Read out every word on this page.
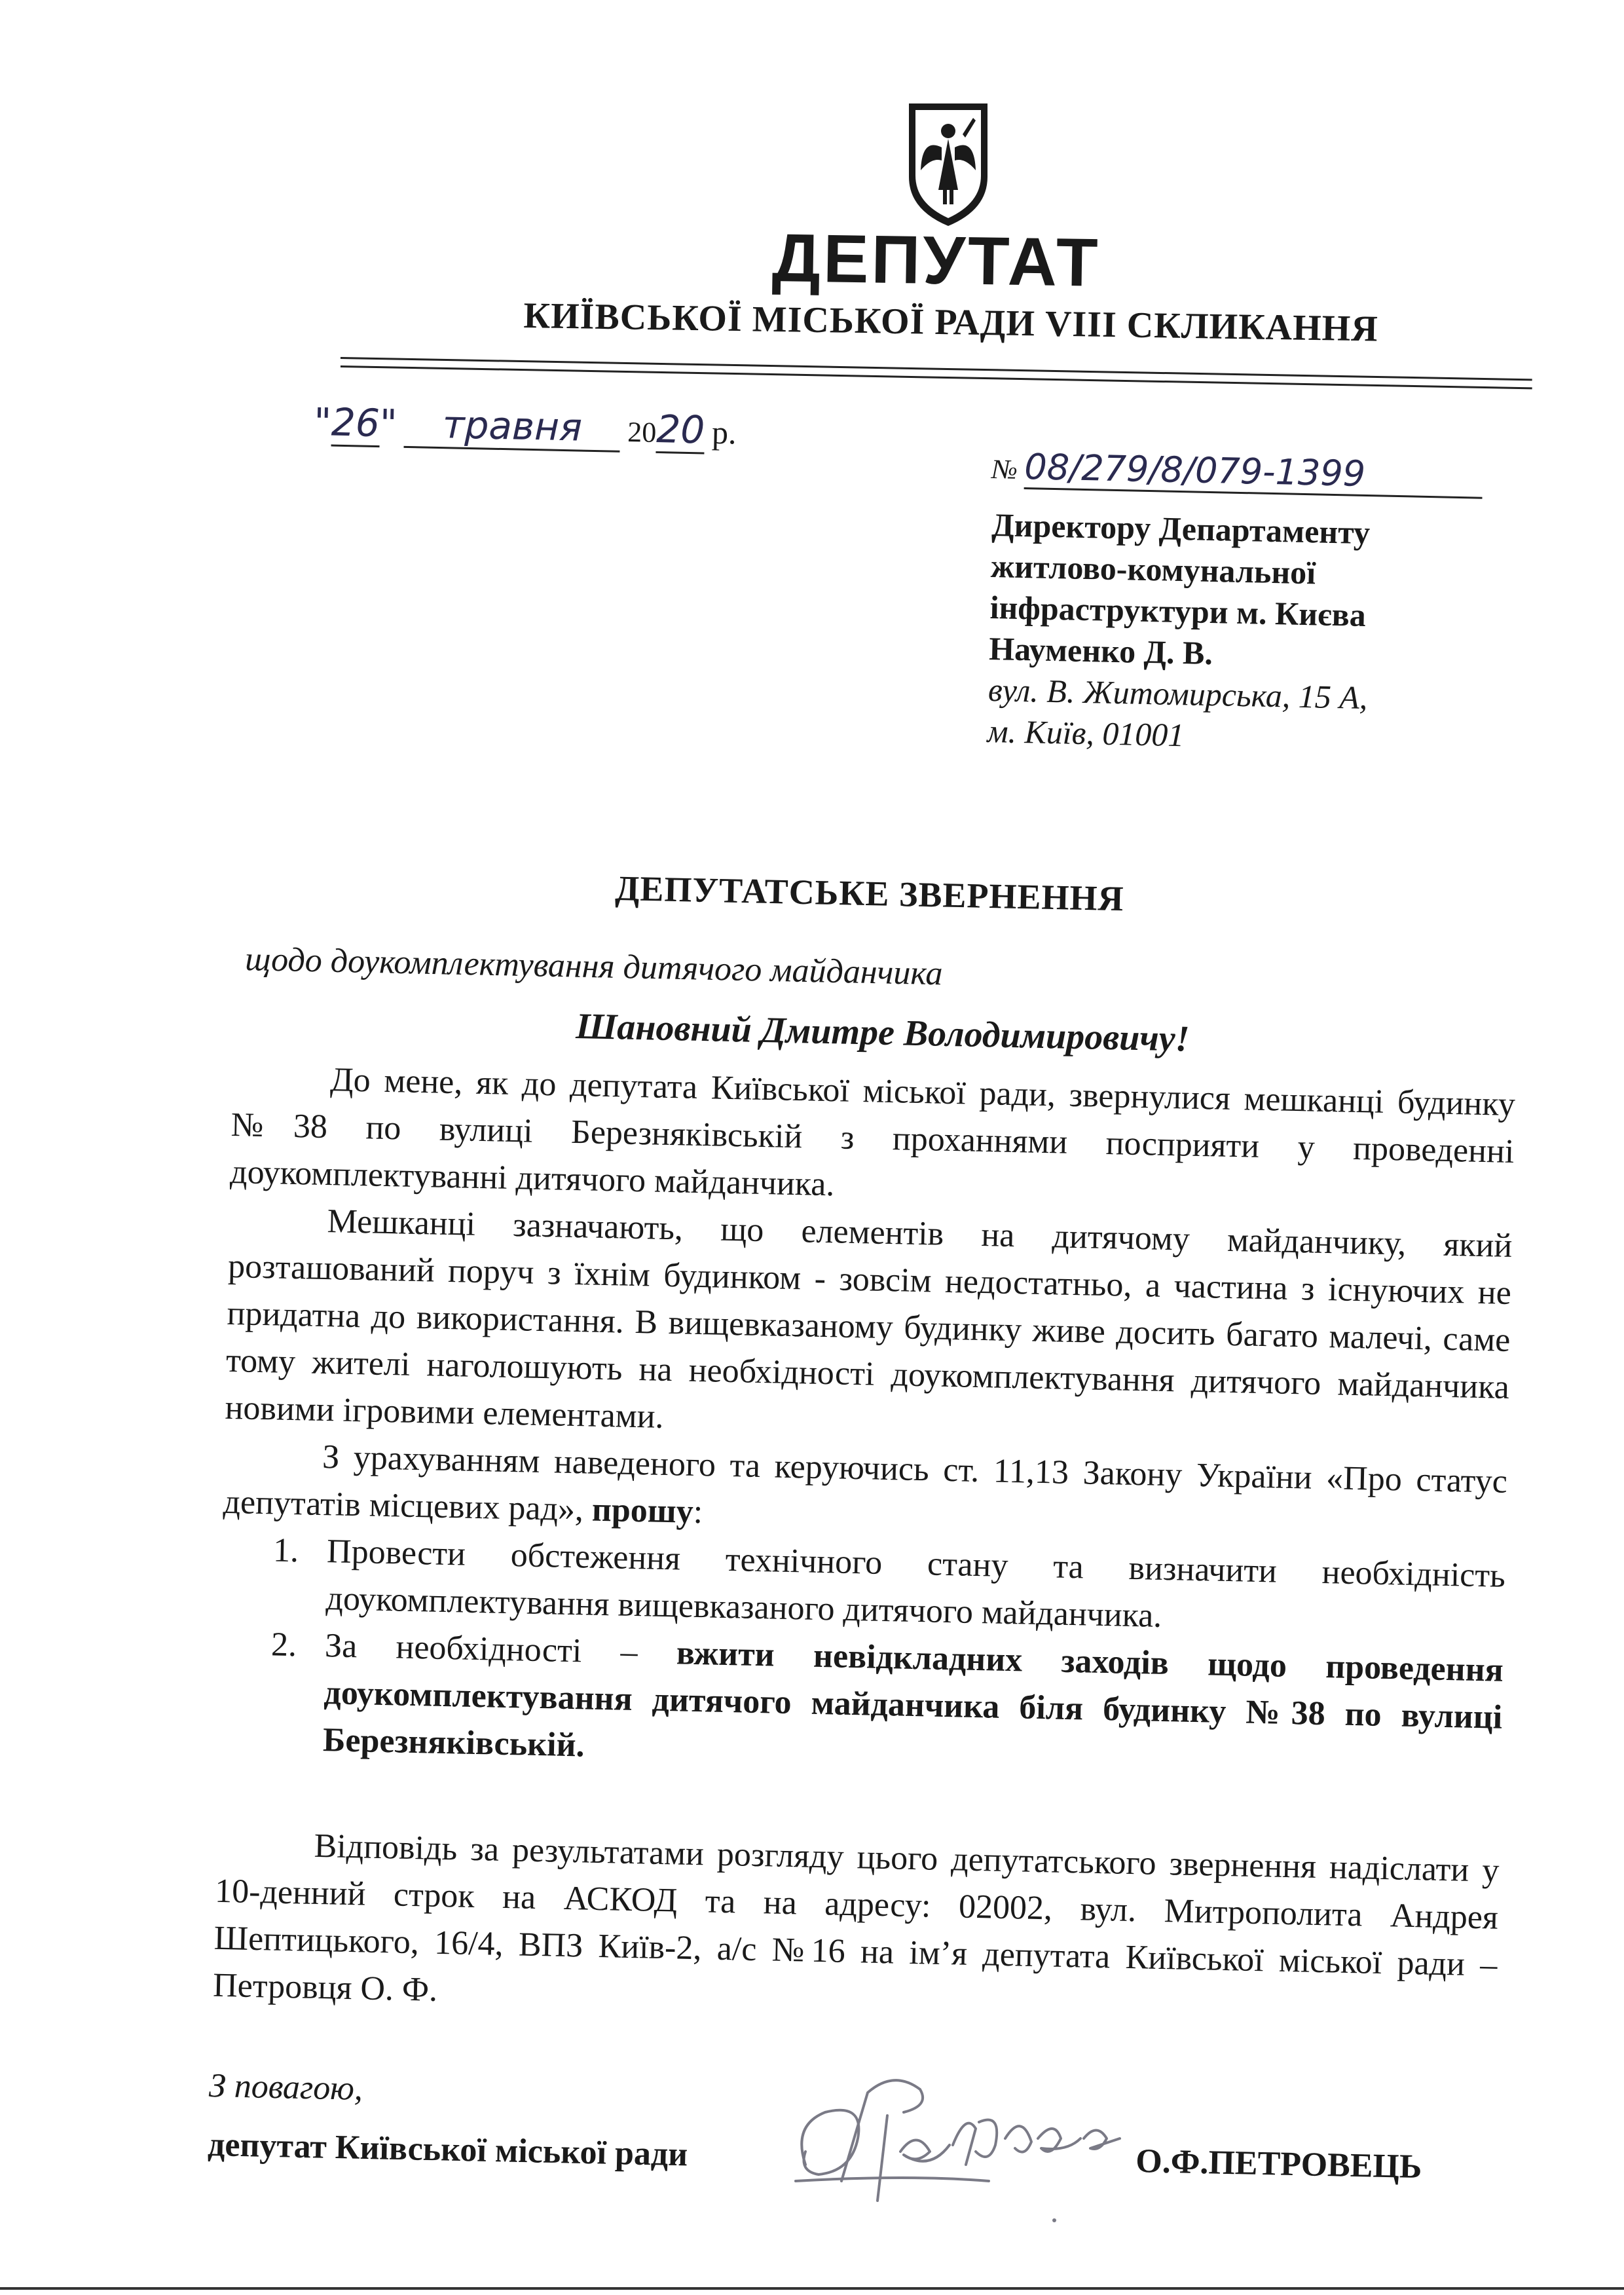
ДЕПУТАТ
КИЇВСЬКОЇ МІСЬКОЇ РАДИ VIII СКЛИКАННЯ
"26" травня 2020 р.
№ 08/279/8/079-1399
Директору Департаменту
житлово-комунальної
інфраструктури м. Києва
Науменко Д. В.
вул. В. Житомирська, 15 А,
м. Київ, 01001
ДЕПУТАТСЬКЕ ЗВЕРНЕННЯ
щодо доукомплектування дитячого майданчика
Шановний Дмитре Володимировичу!

До мене, як до депутата Київської міської ради, звернулися мешканці будинку №38 по вулиці Березняківській з проханнями посприяти у проведенні доукомплектуванні дитячого майданчика.

Мешканці зазначають, що елементів на дитячому майданчику, який розташований поруч з їхнім будинком - зовсім недостатньо, а частина з існуючих не придатна до використання. В вищевказаному будинку живе досить багато малечі, саме тому жителі наголошують на необхідності доукомплектування дитячого майданчика новими ігровими елементами.

З урахуванням наведеного та керуючись ст. 11,13 Закону України «Про статус депутатів місцевих рад», прошу:

1. Провести обстеження технічного стану та визначити необхідність доукомплектування вищевказаного дитячого майданчика.
2. За необхідності – вжити невідкладних заходів щодо проведення доукомплектування дитячого майданчика біля будинку №38 по вулиці Березняківській.

Відповідь за результатами розгляду цього депутатського звернення надіслати у 10-денний строк на АСКОД та на адресу: 02002, вул. Митрополита Андрея Шептицького, 16/4, ВПЗ Київ-2, а/с №16 на ім’я депутата Київської міської ради – Петровця О. Ф.

З повагою,
депутат Київської міської ради
О.Петровець
О.Ф.ПЕТРОВЕЦЬ
